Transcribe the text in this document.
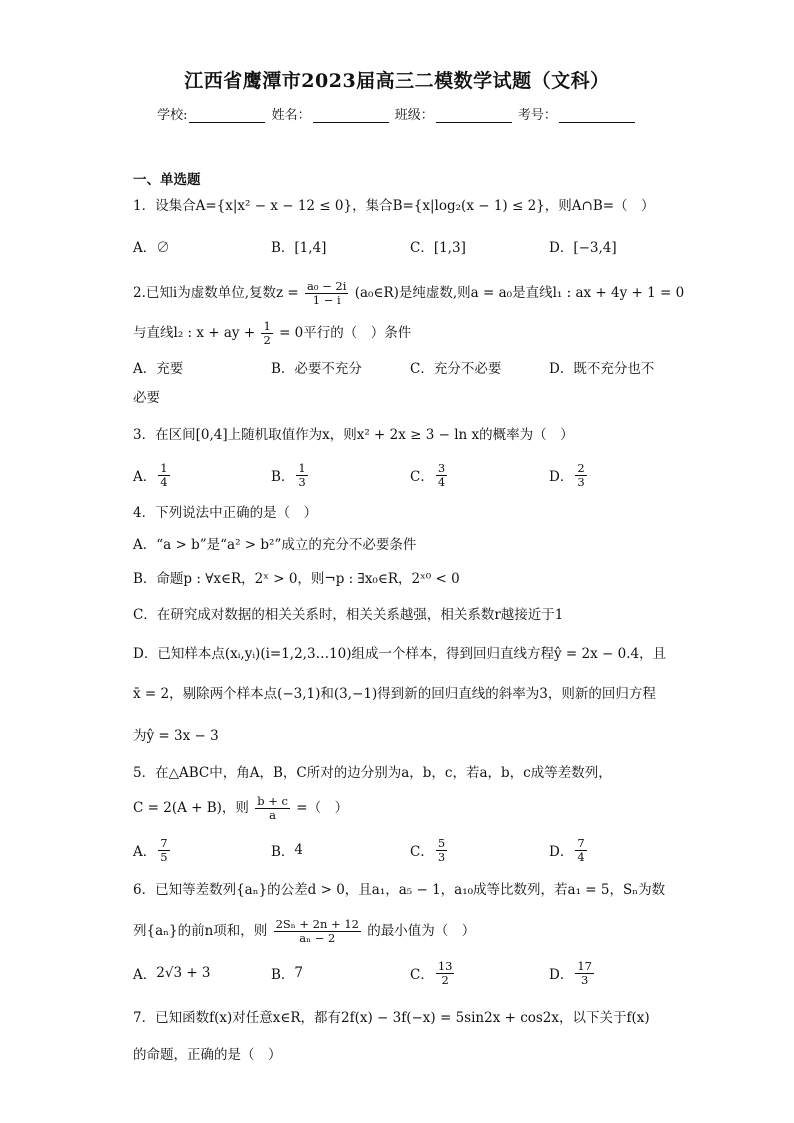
江西省鹰潭市2023届高三二模数学试题（文科）
学校:	姓名：	班级：	考号：
一、单选题
1．设集合A={x|x² − x − 12 ≤ 0}，集合B={x|log₂(x − 1) ≤ 2}，则A∩B=（　）
A．∅	B．[1,4]	C．[1,3]	D．[−3,4]
2.已知i为虚数单位,复数$z = \frac{\text{a₀ − 2i}}{1 - i}$ (a₀∈R)是纯虚数,则a = a₀是直线l₁ : ax + 4y + 1 = 0
与直线l₂ : x + ay + $\frac{1}{2} = 0$平行的（　）条件
A．充要	B．必要不充分	C．充分不必要	D．既不充分也不
必要
3．在区间[0,4]上随机取值作为x，则x² + 2x ≥ 3 − ln x的概率为（　）
A． $\frac{1}{4}$	B． $\frac{1}{3}$	C． $\frac{3}{4}$	D． $\frac{2}{3}$
4．下列说法中正确的是（　）
A．“a > b”是“a² > b²”成立的充分不必要条件
B．命题p : ∀x∈R，2ˣ > 0，则¬p : ∃x₀∈R，2ˣ⁰ < 0
C．在研究成对数据的相关关系时，相关关系越强，相关系数r越接近于1
D．已知样本点(xᵢ,yᵢ)(i=1,2,3…10)组成一个样本，得到回归直线方程ŷ = 2x − 0.4，且
x̄ = 2，剔除两个样本点(−3,1)和(3,−1)得到新的回归直线的斜率为3，则新的回归方程
为ŷ = 3x − 3
5．在△ABC中，角A，B，C所对的边分别为a，b，c，若a，b，c成等差数列，
C = 2(A + B)，则 $\frac{b + c}{a}$ =（　）
A． $\frac{7}{5}$	B． 4	C． $\frac{5}{3}$	D． $\frac{7}{4}$
6．已知等差数列{aₙ}的公差d > 0，且a₁，a₅ − 1，a₁₀成等比数列，若a₁ = 5，Sₙ为数
列{aₙ}的前n项和，则 $\frac{\text{2Sₙ + 2n + 12}}{\text{aₙ − 2}}$ 的最小值为（　）
A． 2√3 + 3	B． 7	C． $\frac{13}{2}$	D． $\frac{17}{3}$
7．已知函数f(x)对任意x∈R，都有2f(x) − 3f(−x) = 5sin2x + cos2x，以下关于f(x)
的命题，正确的是（　）
